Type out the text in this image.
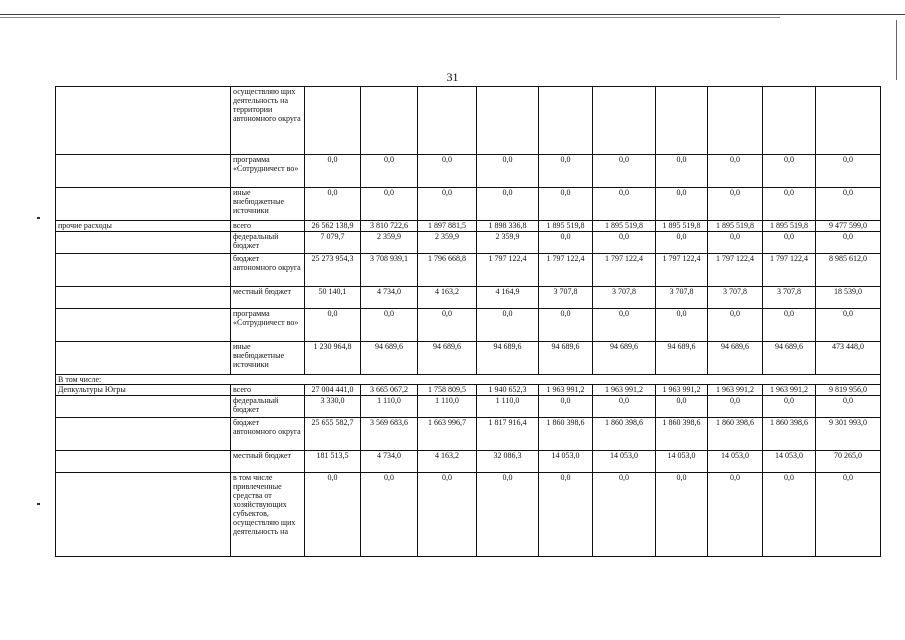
31
	осуществляю щих деятельность на территории автономного округа										
	программа «Сотрудничест во»	0,0	0,0	0,0	0,0	0,0	0,0	0,0	0,0	0,0	0,0
	иные внебюджетные источники	0,0	0,0	0,0	0,0	0,0	0,0	0,0	0,0	0,0	0,0
прочие расходы	всего	26 562 138,9	3 810 722,6	1 897 881,5	1 898 336,8	1 895 519,8	1 895 519,8	1 895 519,8	1 895 519,8	1 895 519,8	9 477 599,0
	федеральный бюджет	7 079,7	2 359,9	2 359,9	2 359,9	0,0	0,0	0,0	0,0	0,0	0,0
	бюджет автономного округа	25 273 954,3	3 708 939,1	1 796 668,8	1 797 122,4	1 797 122,4	1 797 122,4	1 797 122,4	1 797 122,4	1 797 122,4	8 985 612,0
	местный бюджет	50 140,1	4 734,0	4 163,2	4 164,9	3 707,8	3 707,8	3 707,8	3 707,8	3 707,8	18 539,0
	программа «Сотрудничест во»	0,0	0,0	0,0	0,0	0,0	0,0	0,0	0,0	0,0	0,0
	иные внебюджетные источники	1 230 964,8	94 689,6	94 689,6	94 689,6	94 689,6	94 689,6	94 689,6	94 689,6	94 689,6	473 448,0
В том числе:											
Депкультуры Югры	всего	27 004 441,0	3 665 067,2	1 758 809,5	1 940 652,3	1 963 991,2	1 963 991,2	1 963 991,2	1 963 991,2	1 963 991,2	9 819 956,0
	федеральный бюджет	3 330,0	1 110,0	1 110,0	1 110,0	0,0	0,0	0,0	0,0	0,0	0,0
	бюджет автономного округа	25 655 582,7	3 569 683,6	1 663 996,7	1 817 916,4	1 860 398,6	1 860 398,6	1 860 398,6	1 860 398,6	1 860 398,6	9 301 993,0
	местный бюджет	181 513,5	4 734,0	4 163,2	32 086,3	14 053,0	14 053,0	14 053,0	14 053,0	14 053,0	70 265,0
	в том числе привлеченные средства от хозяйствующих субъектов, осуществляю щих деятельность на	0,0	0,0	0,0	0,0	0,0	0,0	0,0	0,0	0,0	0,0
